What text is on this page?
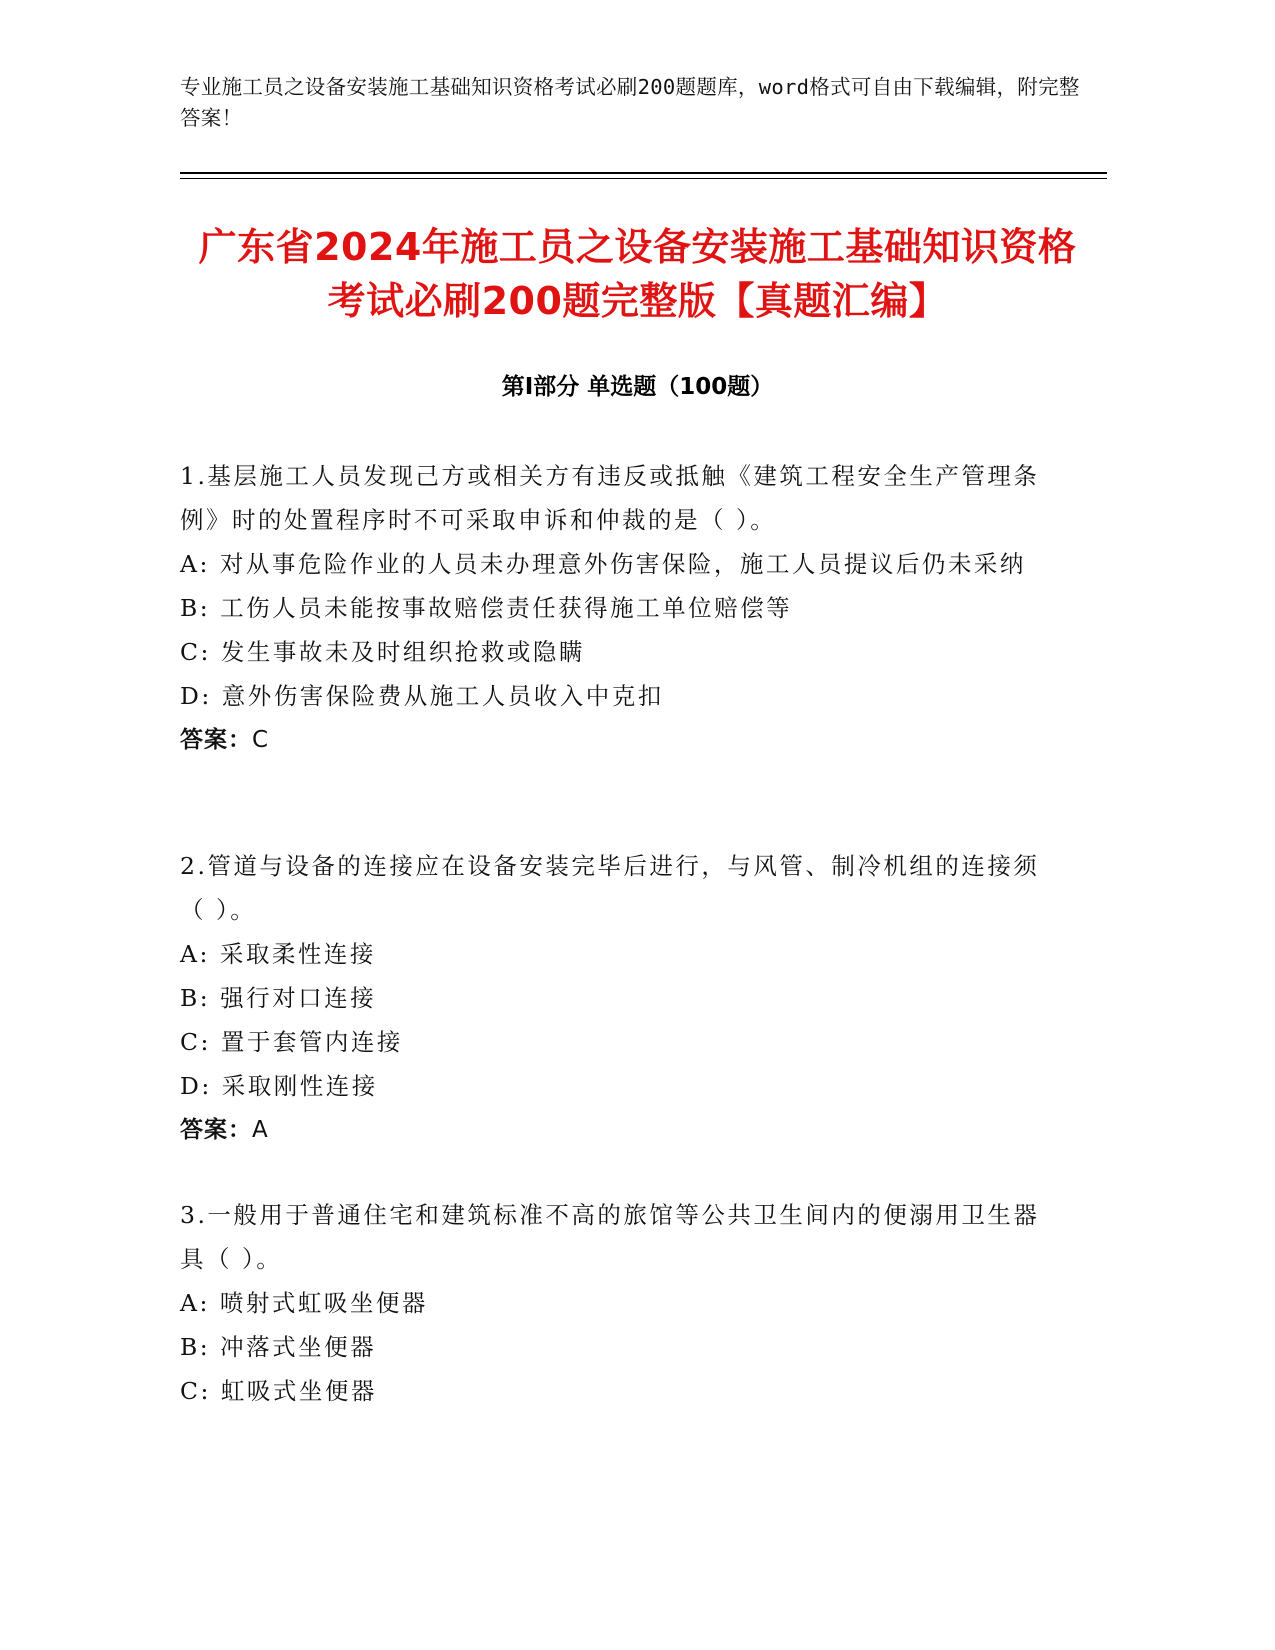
专业施工员之设备安装施工基础知识资格考试必刷200题题库，word格式可自由下载编辑，附完整答案！
广东省2024年施工员之设备安装施工基础知识资格考试必刷200题完整版【真题汇编】
第Ⅰ部分 单选题（100题）

1.基层施工人员发现己方或相关方有违反或抵触《建筑工程安全生产管理条例》时的处置程序时不可采取申诉和仲裁的是（ ）。

A: 对从事危险作业的人员未办理意外伤害保险，施工人员提议后仍未采纳

B: 工伤人员未能按事故赔偿责任获得施工单位赔偿等

C: 发生事故未及时组织抢救或隐瞒

D: 意外伤害保险费从施工人员收入中克扣

答案：C

2.管道与设备的连接应在设备安装完毕后进行，与风管、制冷机组的连接须（ ）。

A: 采取柔性连接

B: 强行对口连接

C: 置于套管内连接

D: 采取刚性连接

答案：A

3.一般用于普通住宅和建筑标准不高的旅馆等公共卫生间内的便溺用卫生器具（ ）。

A: 喷射式虹吸坐便器

B: 冲落式坐便器

C: 虹吸式坐便器
